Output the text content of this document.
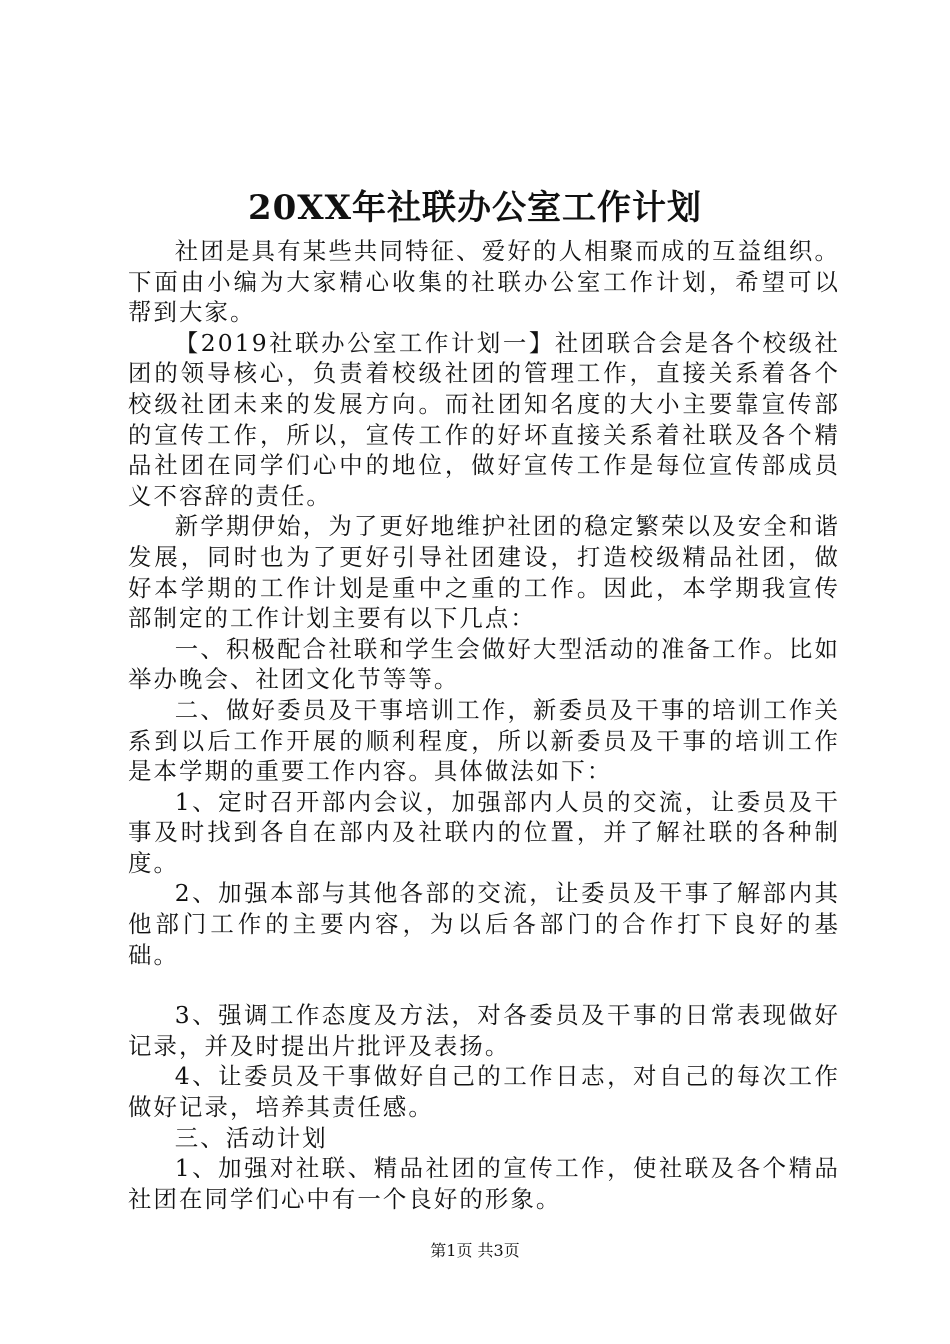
20XX年社联办公室工作计划

社团是具有某些共同特征、爱好的人相聚而成的互益组织。下面由小编为大家精心收集的社联办公室工作计划，希望可以帮到大家。

【2019社联办公室工作计划一】社团联合会是各个校级社团的领导核心，负责着校级社团的管理工作，直接关系着各个校级社团未来的发展方向。而社团知名度的大小主要靠宣传部的宣传工作，所以，宣传工作的好坏直接关系着社联及各个精品社团在同学们心中的地位，做好宣传工作是每位宣传部成员义不容辞的责任。

新学期伊始，为了更好地维护社团的稳定繁荣以及安全和谐发展，同时也为了更好引导社团建设，打造校级精品社团，做好本学期的工作计划是重中之重的工作。因此，本学期我宣传部制定的工作计划主要有以下几点：

一、积极配合社联和学生会做好大型活动的准备工作。比如举办晚会、社团文化节等等。

二、做好委员及干事培训工作，新委员及干事的培训工作关系到以后工作开展的顺利程度，所以新委员及干事的培训工作是本学期的重要工作内容。具体做法如下：

1、定时召开部内会议，加强部内人员的交流，让委员及干事及时找到各自在部内及社联内的位置，并了解社联的各种制度。

2、加强本部与其他各部的交流，让委员及干事了解部内其他部门工作的主要内容，为以后各部门的合作打下良好的基础。

3、强调工作态度及方法，对各委员及干事的日常表现做好记录，并及时提出片批评及表扬。

4、让委员及干事做好自己的工作日志，对自己的每次工作做好记录，培养其责任感。

三、活动计划

1、加强对社联、精品社团的宣传工作，使社联及各个精品社团在同学们心中有一个良好的形象。

第1页 共3页
